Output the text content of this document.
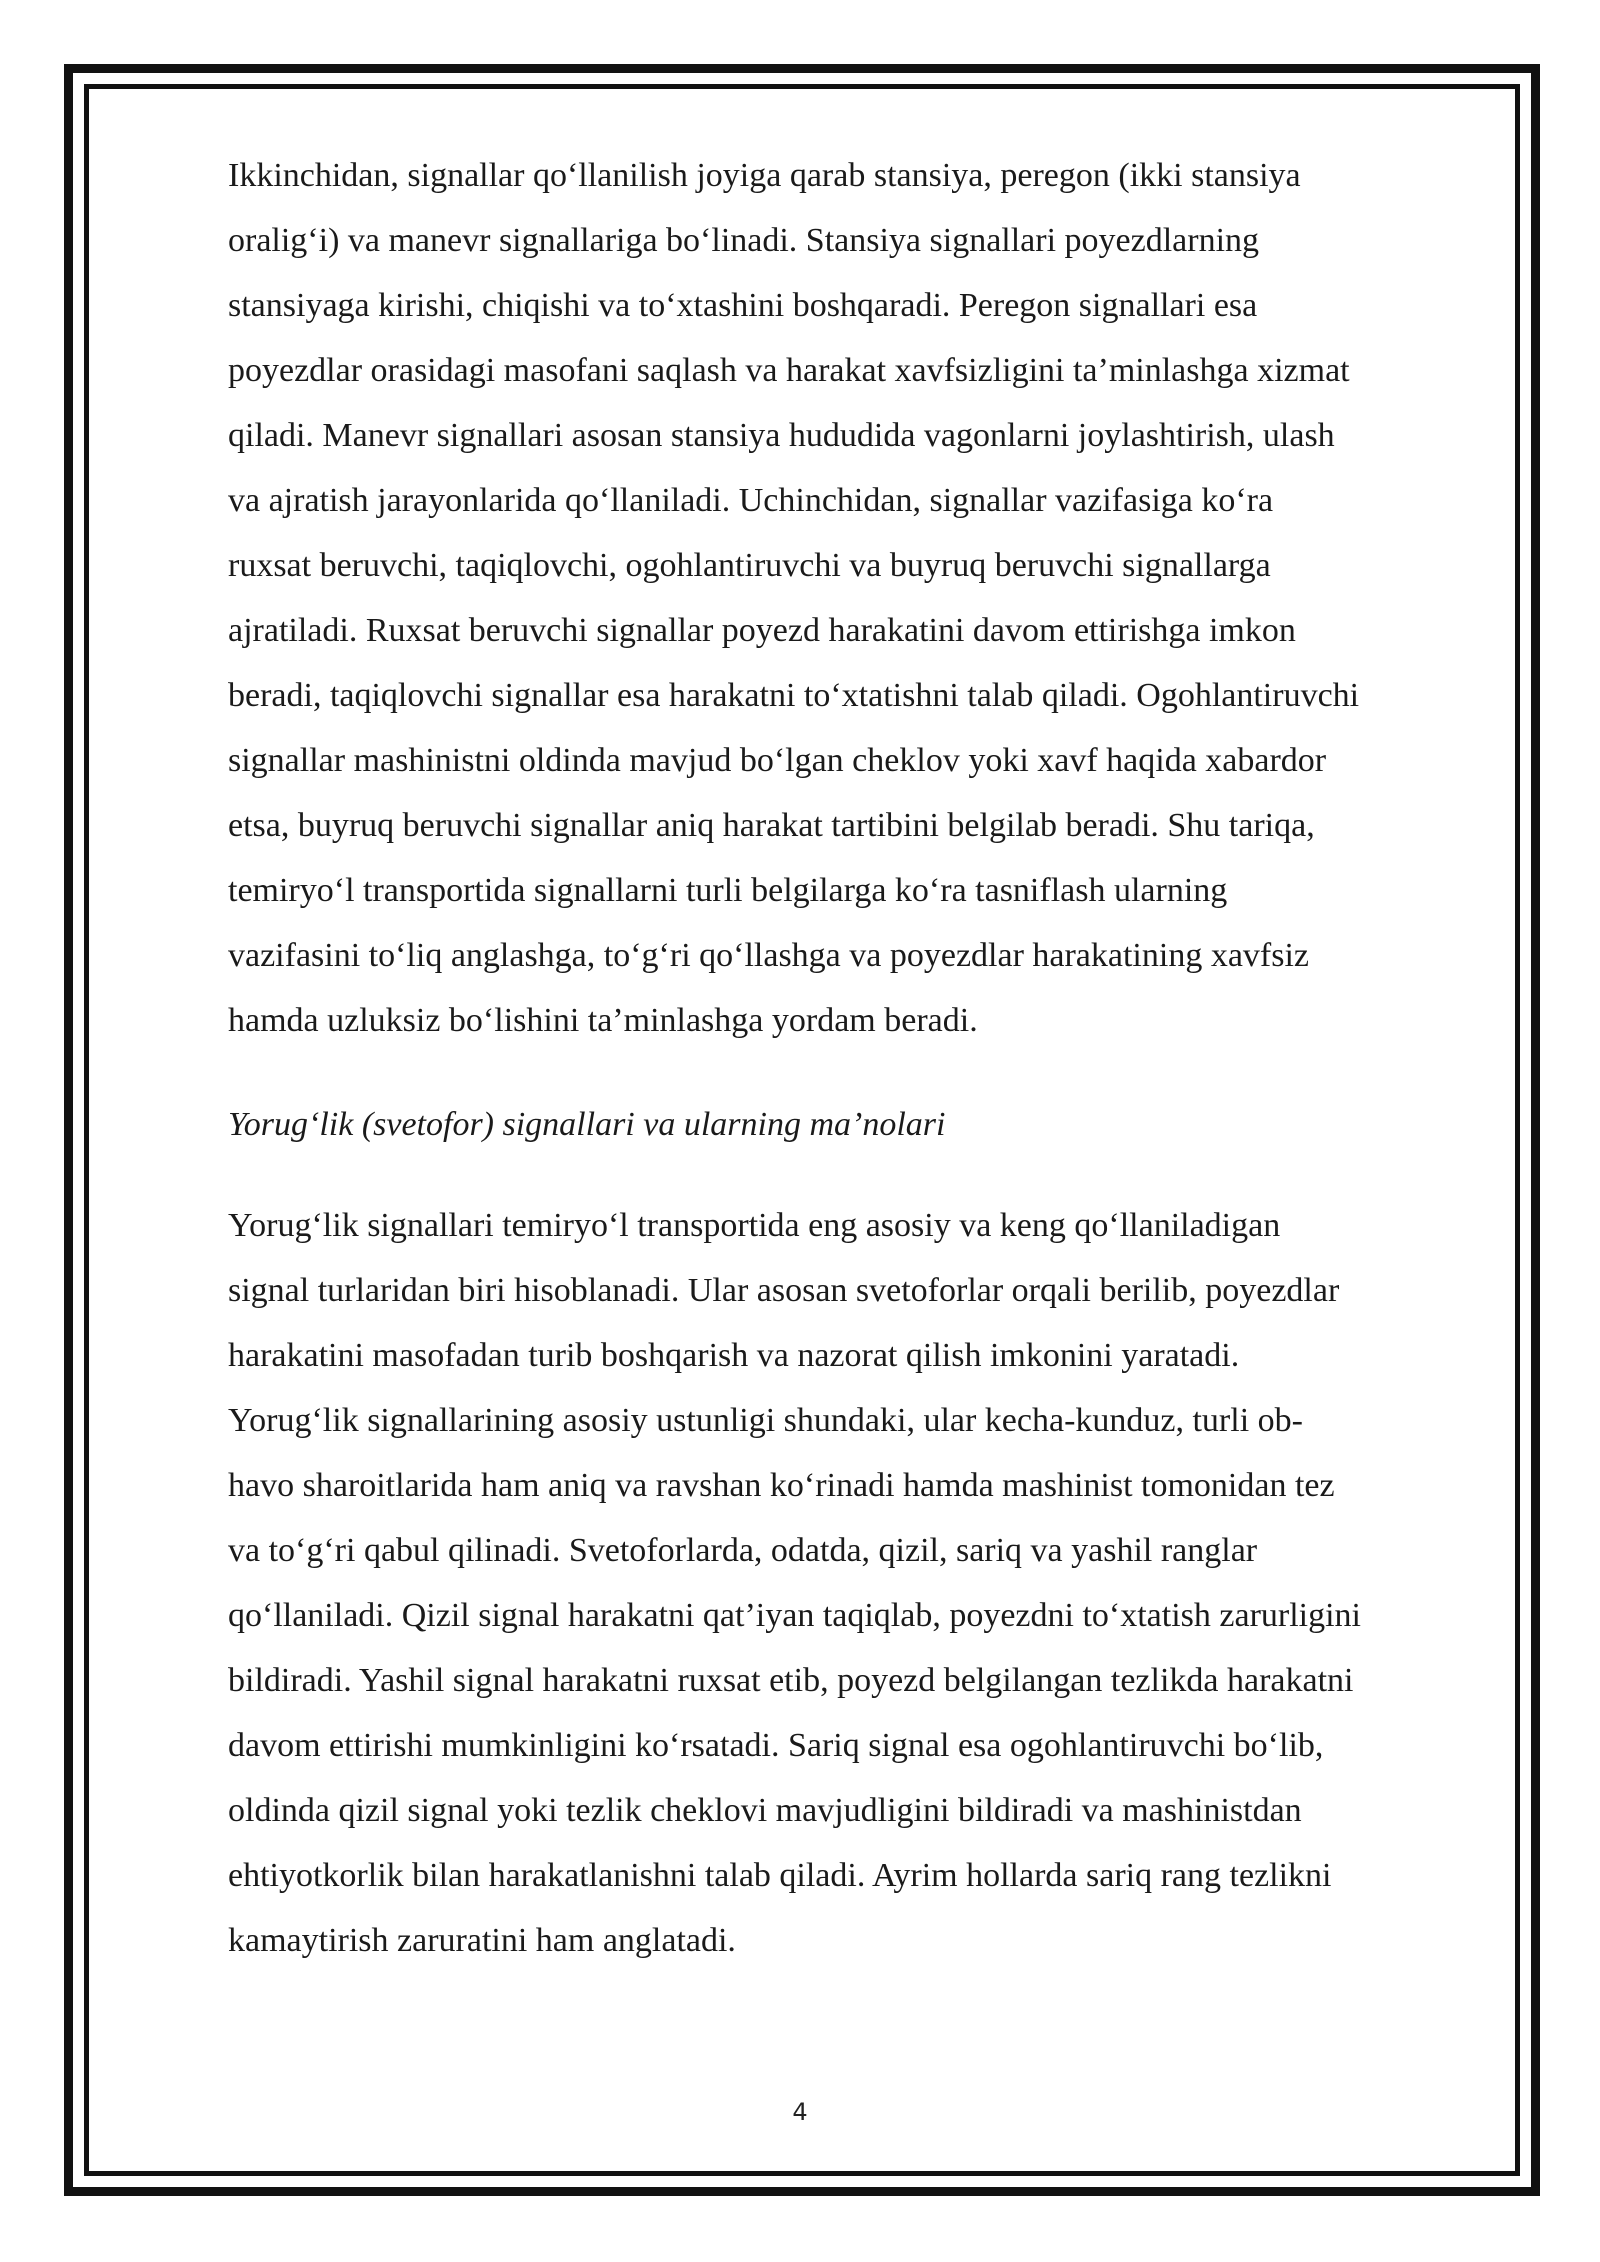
Ikkinchidan, signallar qo‘llanilish joyiga qarab stansiya, peregon (ikki stansiya
oralig‘i) va manevr signallariga bo‘linadi. Stansiya signallari poyezdlarning
stansiyaga kirishi, chiqishi va to‘xtashini boshqaradi. Peregon signallari esa
poyezdlar orasidagi masofani saqlash va harakat xavfsizligini ta’minlashga xizmat
qiladi. Manevr signallari asosan stansiya hududida vagonlarni joylashtirish, ulash
va ajratish jarayonlarida qo‘llaniladi. Uchinchidan, signallar vazifasiga ko‘ra
ruxsat beruvchi, taqiqlovchi, ogohlantiruvchi va buyruq beruvchi signallarga
ajratiladi. Ruxsat beruvchi signallar poyezd harakatini davom ettirishga imkon
beradi, taqiqlovchi signallar esa harakatni to‘xtatishni talab qiladi. Ogohlantiruvchi
signallar mashinistni oldinda mavjud bo‘lgan cheklov yoki xavf haqida xabardor
etsa, buyruq beruvchi signallar aniq harakat tartibini belgilab beradi. Shu tariqa,
temiryo‘l transportida signallarni turli belgilarga ko‘ra tasniflash ularning
vazifasini to‘liq anglashga, to‘g‘ri qo‘llashga va poyezdlar harakatining xavfsiz
hamda uzluksiz bo‘lishini ta’minlashga yordam beradi.

Yorug‘lik (svetofor) signallari va ularning ma’nolari

Yorug‘lik signallari temiryo‘l transportida eng asosiy va keng qo‘llaniladigan
signal turlaridan biri hisoblanadi. Ular asosan svetoforlar orqali berilib, poyezdlar
harakatini masofadan turib boshqarish va nazorat qilish imkonini yaratadi.
Yorug‘lik signallarining asosiy ustunligi shundaki, ular kecha-kunduz, turli ob-
havo sharoitlarida ham aniq va ravshan ko‘rinadi hamda mashinist tomonidan tez
va to‘g‘ri qabul qilinadi. Svetoforlarda, odatda, qizil, sariq va yashil ranglar
qo‘llaniladi. Qizil signal harakatni qat’iyan taqiqlab, poyezdni to‘xtatish zarurligini
bildiradi. Yashil signal harakatni ruxsat etib, poyezd belgilangan tezlikda harakatni
davom ettirishi mumkinligini ko‘rsatadi. Sariq signal esa ogohlantiruvchi bo‘lib,
oldinda qizil signal yoki tezlik cheklovi mavjudligini bildiradi va mashinistdan
ehtiyotkorlik bilan harakatlanishni talab qiladi. Ayrim hollarda sariq rang tezlikni
kamaytirish zaruratini ham anglatadi.

4
